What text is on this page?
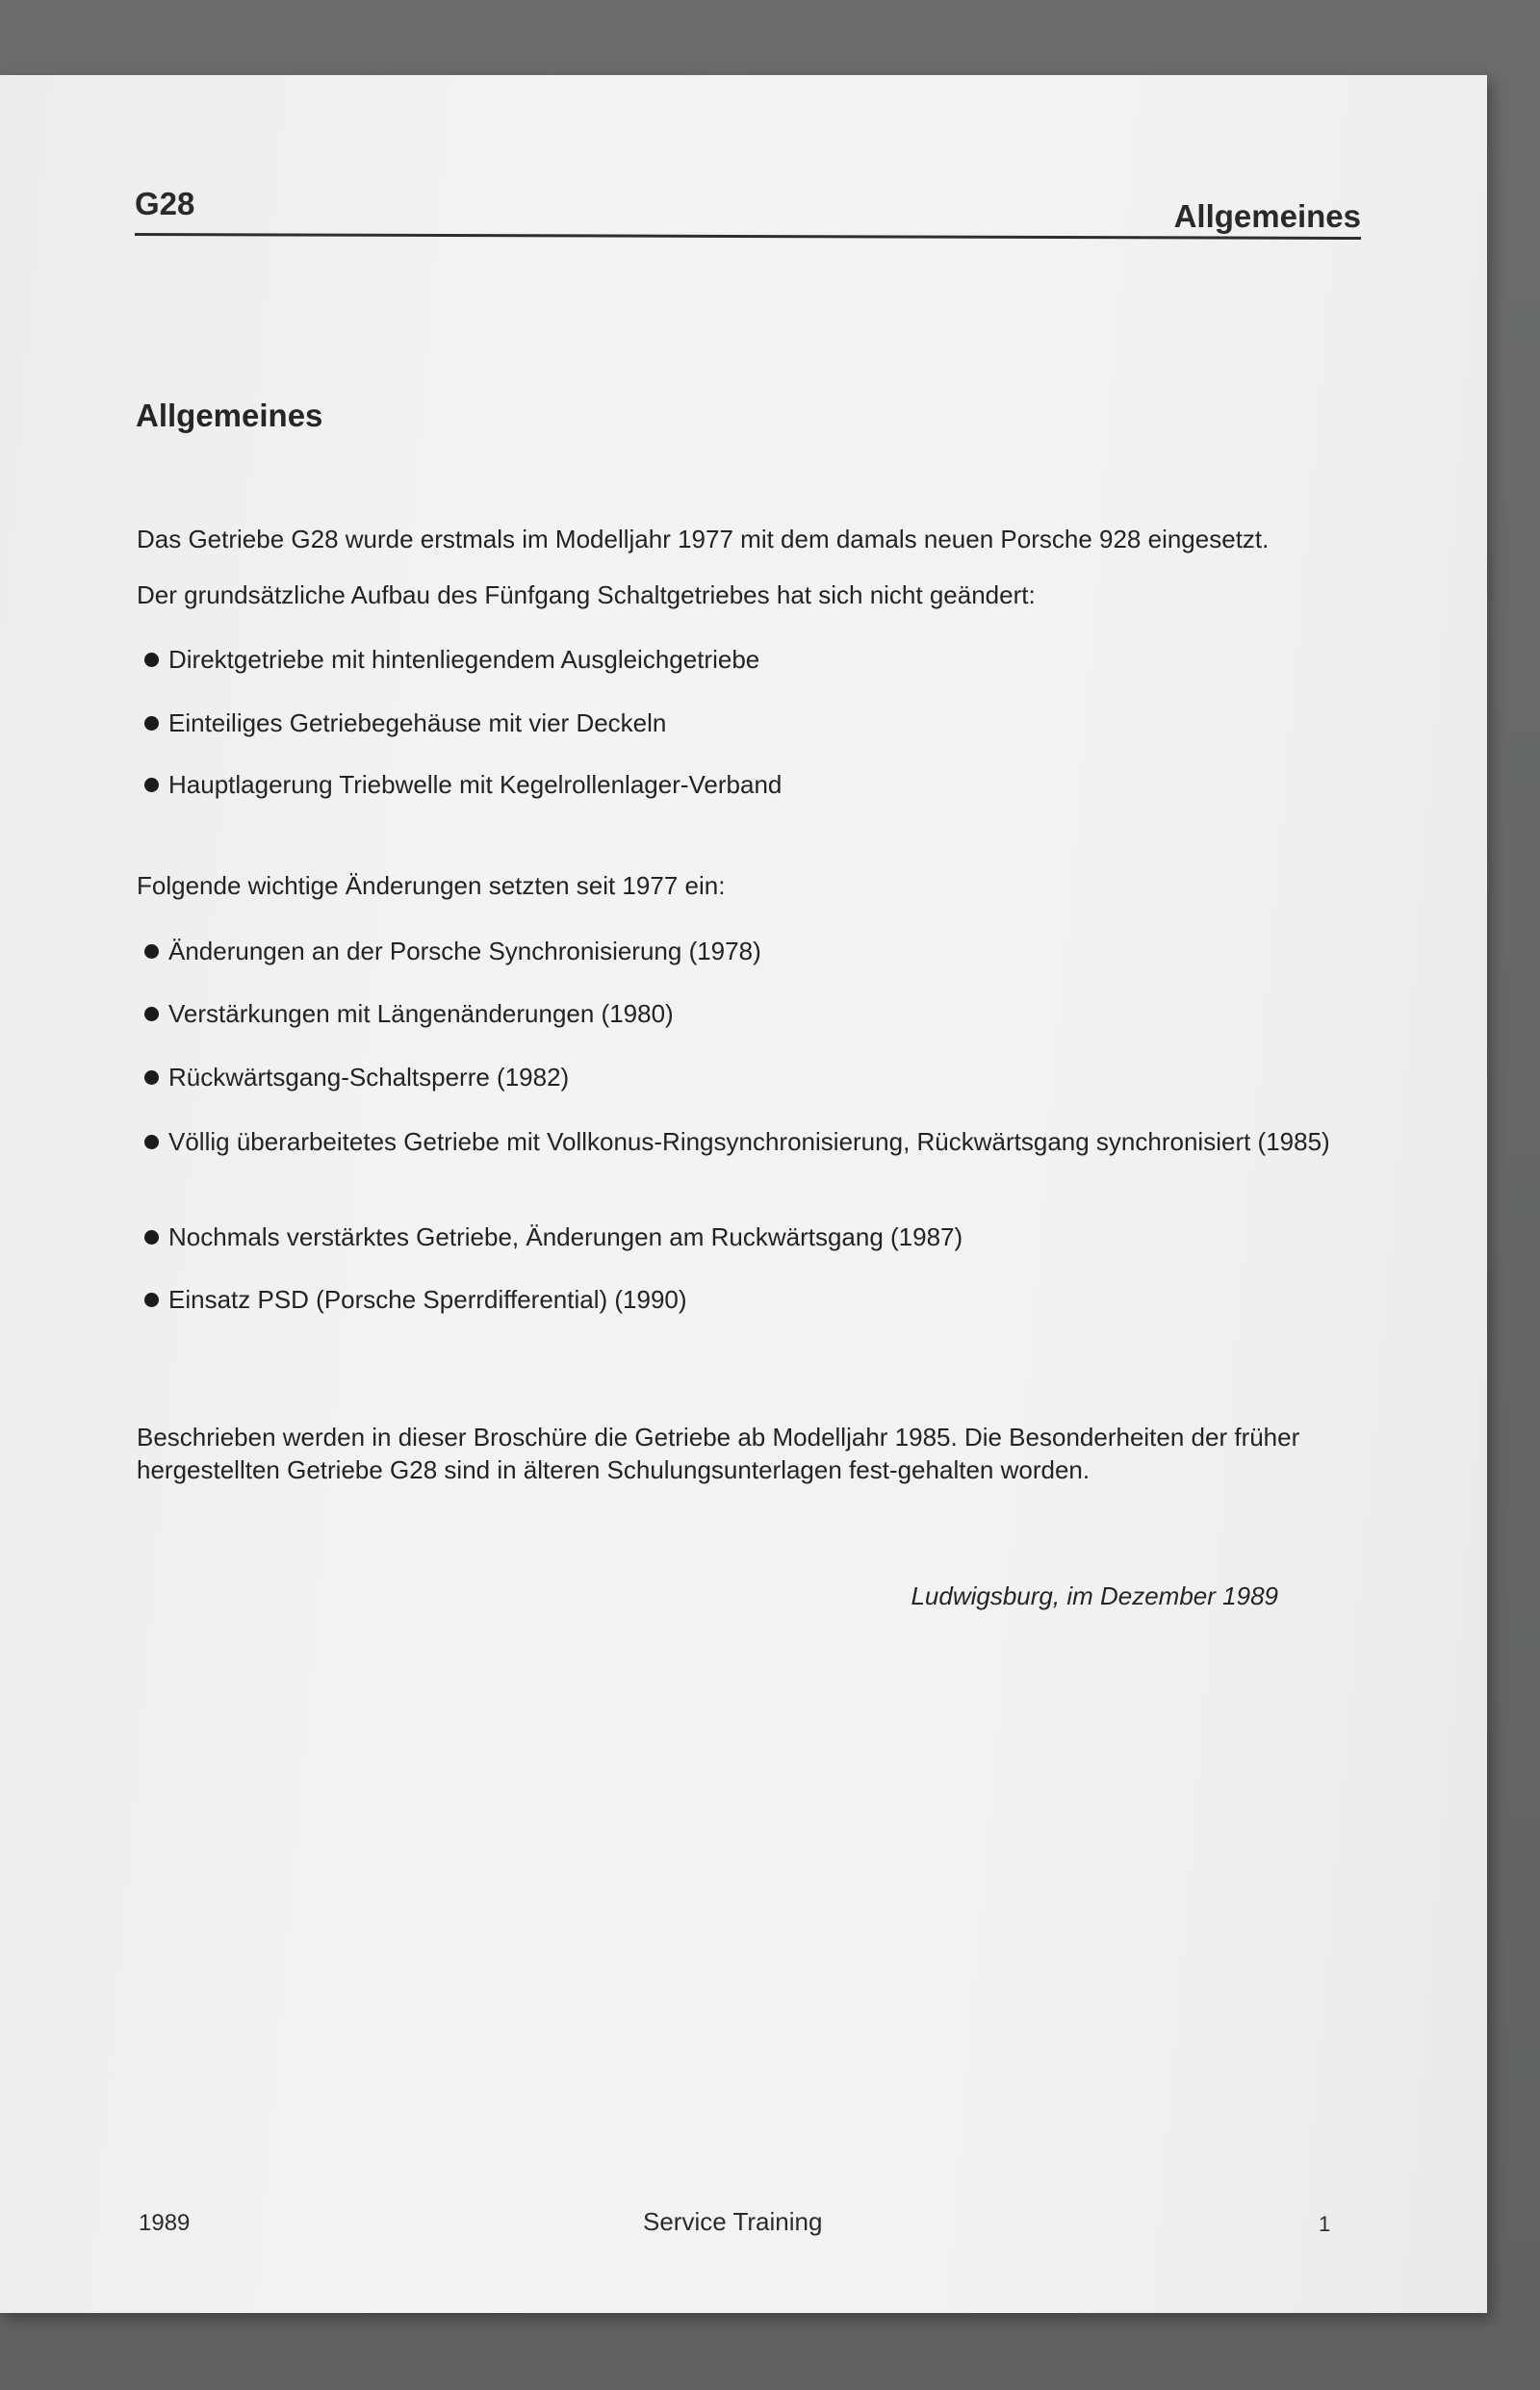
G28	Allgemeines
Allgemeines
Das Getriebe G28 wurde erstmals im Modelljahr 1977 mit dem damals neuen Porsche 928 eingesetzt.
Der grundsätzliche Aufbau des Fünfgang Schaltgetriebes hat sich nicht geändert:
Direktgetriebe mit hintenliegendem Ausgleichgetriebe
Einteiliges Getriebegehäuse mit vier Deckeln
Hauptlagerung Triebwelle mit Kegelrollenlager-Verband
Folgende wichtige Änderungen setzten seit 1977 ein:
Änderungen an der Porsche Synchronisierung (1978)
Verstärkungen mit Längenänderungen (1980)
Rückwärtsgang-Schaltsperre (1982)
Völlig überarbeitetes Getriebe mit Vollkonus-Ringsynchronisierung, Rückwärtsgang synchronisiert (1985)
Nochmals verstärktes Getriebe, Änderungen am Ruckwärtsgang (1987)
Einsatz PSD (Porsche Sperrdifferential) (1990)
Beschrieben werden in dieser Broschüre die Getriebe ab Modelljahr 1985. Die Besonderheiten der früher hergestellten Getriebe G28 sind in älteren Schulungsunterlagen fest-gehalten worden.
Ludwigsburg, im Dezember 1989
1989	Service Training	1
